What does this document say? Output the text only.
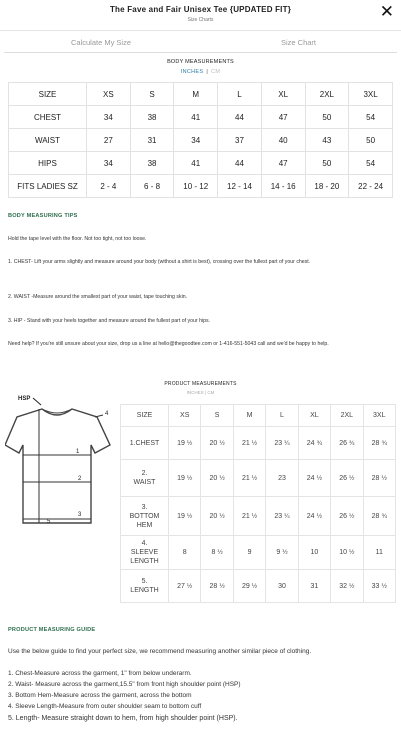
The Fave and Fair Unisex Tee {UPDATED FIT}
Size Charts	✕
Calculate My Size	Size Chart
BODY MEASUREMENTS
INCHES | CM
SIZE	XS	S	M	L	XL	2XL	3XL
CHEST	34	38	41	44	47	50	54
WAIST	27	31	34	37	40	43	50
HIPS	34	38	41	44	47	50	54
FITS LADIES SZ	2 - 4	6 - 8	10 - 12	12 - 14	14 - 16	18 - 20	22 - 24
BODY MEASURING TIPS
Hold the tape level with the floor. Not too tight, not too loose.
1. CHEST- Lift your arms slightly and measure around your body (without a shirt is best), crossing over the fullest part of your chest.
2. WAIST -Measure around the smallest part of your waist, tape touching skin.
3. HIP - Stand with your heels together and measure around the fullest part of your hips.
Need help? If you're still unsure about your size, drop us a line at hello@thegoodtee.com or 1-416-551-5043 call and we'd be happy to help.
PRODUCT MEASUREMENTS
INCHES | CM
HSP
1
2
3
4
5
SIZE	XS	S	M	L	XL	2XL	3XL
1.CHEST	19 ½	20 ½	21 ½	23 ¼	24 ¾	26 ¾	28 ¾
2.
WAIST	19 ½	20 ½	21 ½	23	24 ½	26 ½	28 ½
3.
BOTTOM
HEM	19 ½	20 ½	21 ½	23 ¼	24 ½	26 ½	28 ¾
4.
SLEEVE
LENGTH	8	8 ½	9	9 ½	10	10 ½	11
5.
LENGTH	27 ½	28 ½	29 ½	30	31	32 ½	33 ½
PRODUCT MEASURING GUIDE
Use the below guide to find your perfect size, we recommend measuring another similar piece of clothing.
1. Chest-Measure across the garment, 1" from below underarm.
2. Waist- Measure across the garment,15.5" from front high shoulder point (HSP)
3. Bottom Hem-Measure across the garment, across the bottom
4. Sleeve Length-Measure from outer shoulder seam to bottom cuff
5. Length- Measure straight down to hem, from high shoulder point (HSP).
